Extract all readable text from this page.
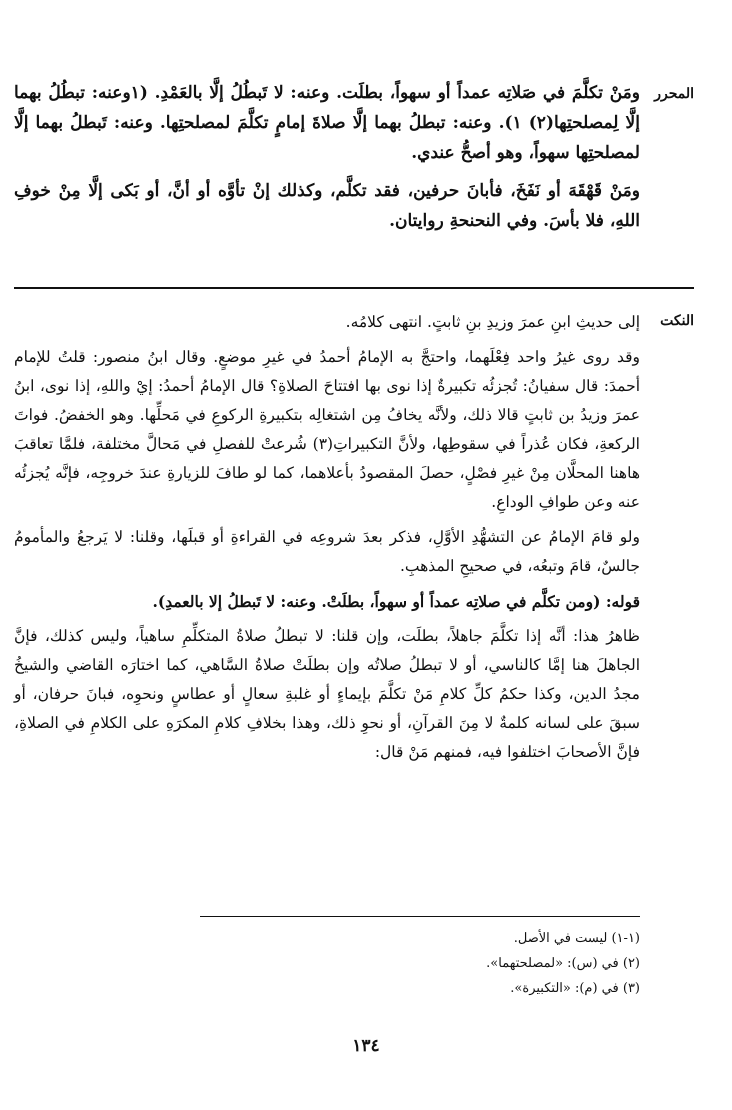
المحرر

ومَنْ تكلَّمَ في صَلاتِه عمداً أو سهواً، بطلَت. وعنه: لا تَبطُلُ إلَّا بالعَمْدِ. (١وعنه: تبطُلُ بهما إلَّا لِمصلحتِها(٢) ١). وعنه: تبطلُ بهما إلَّا صلاةَ إمامٍ تكلَّمَ لمصلحتِها. وعنه: تَبطلُ بهما إلَّا لمصلحتِها سهواً، وهو أصحُّ عندي.

ومَنْ قَهْقَهَ أو نَفَخَ، فأبانَ حرفين، فقد تكلَّم، وكذلك إنْ تأوَّه أو أنَّ، أو بَكى إلَّا مِنْ خوفِ اللهِ، فلا بأسَ. وفي النحنحةِ روايتان.

النكت

إلى حديثِ ابنِ عمرَ وزيدِ بنِ ثابتٍ. انتهى كلامُه.

وقد روى غيرُ واحد فِعْلَهما، واحتجَّ به الإمامُ أحمدُ في غيرِ موضعٍ. وقال ابنُ منصور: قلتُ للإمام أحمدَ: قال سفيانُ: تُجزئُه تكبيرةٌ إذا نوى بها افتتاحَ الصلاةِ؟ قال الإمامُ أحمدُ: إيْ واللهِ، إذا نوى، ابنُ عمرَ وزيدُ بن ثابتٍ قالا ذلك، ولأنَّه يخافُ مِن اشتغالِه بتكبيرةِ الركوعِ في مَحلِّها. وهو الخفضُ. فواتَ الركعةِ، فكان عُذراً في سقوطِها، ولأنَّ التكبيراتِ(٣) شُرعتْ للفصلِ في مَحالَّ مختلفة، فلمَّا تعاقبَ هاهنا المحلَّان مِنْ غيرِ فصْلٍ، حصلَ المقصودُ بأعلاهما، كما لو طافَ للزيارةِ عندَ خروجِه، فإنَّه يُجزئُه عنه وعن طوافِ الوداعِ.

ولو قامَ الإمامُ عن التشهُّدِ الأوَّلِ، فذكر بعدَ شروعِه في القراءةِ أو قبلَها، وقلنا: لا يَرجعُ والمأمومُ جالسٌ، قامَ وتبعُه، في صحيحِ المذهبِ.

قوله: (ومن تكلَّم في صلاتِه عمداً أو سهواً، بطلَتْ. وعنه: لا تَبطلُ إلا بالعمدِ).

ظاهرُ هذا: أنَّه إذا تكلَّمَ جاهلاً، بطلَت، وإن قلنا: لا تبطلُ صلاةُ المتكلِّمِ ساهياً، وليس كذلك، فإنَّ الجاهلَ هنا إمَّا كالناسي، أو لا تبطلُ صلاتُه وإن بطلَتْ صلاةُ السَّاهي، كما اختارَه القاضي والشيخُ مجدُ الدين، وكذا حكمُ كلِّ كلامِ مَنْ تكلَّمَ بإيماءٍ أو غلبةِ سعالٍ أو عطاسٍ ونحوِه، فبانَ حرفان، أو سبقَ على لسانه كلمةٌ لا مِنَ القرآنِ، أو نحوِ ذلك، وهذا بخلافِ كلامِ المكرَهِ على الكلامِ في الصلاةِ، فإنَّ الأصحابَ اختلفوا فيه، فمنهم مَنْ قال:

(١-١) ليست في الأصل.

(٢) في (س): «لمصلحتهما».

(٣) في (م): «التكبيرة».

١٣٤
